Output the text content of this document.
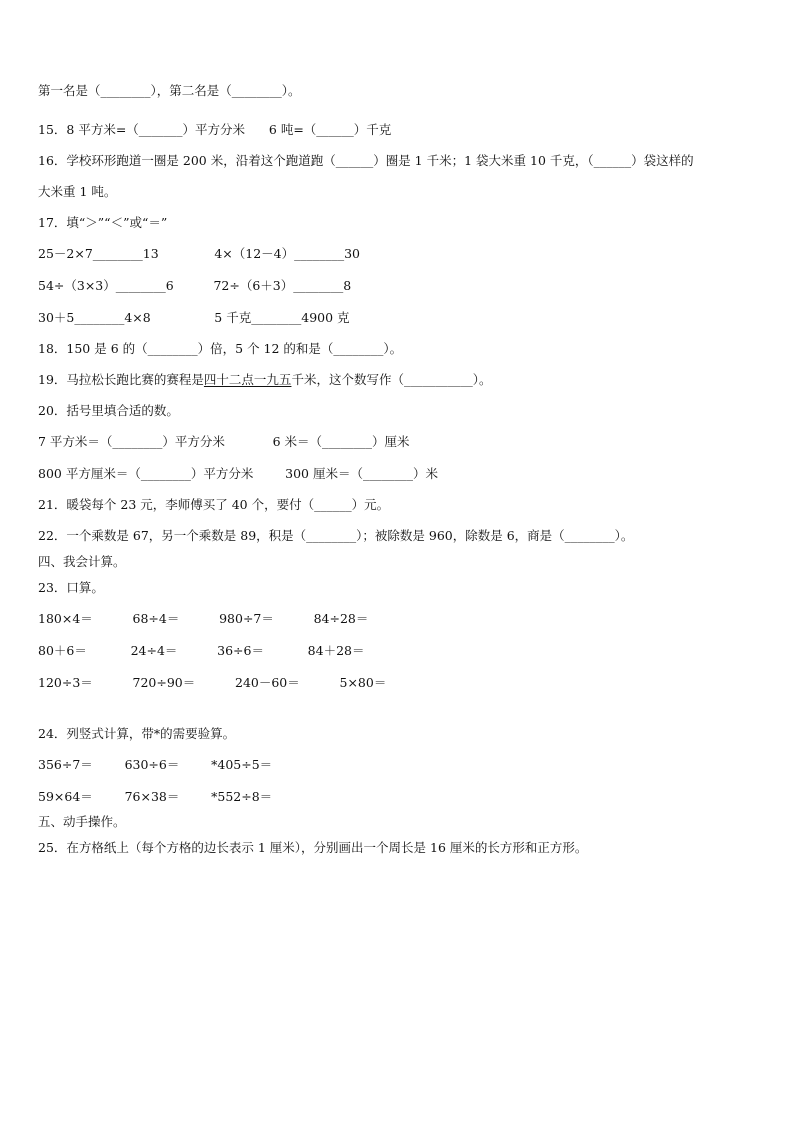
第一名是（________），第二名是（________）。
15．8 平方米=（_______）平方分米      6 吨=（______）千克
16．学校环形跑道一圈是 200 米，沿着这个跑道跑（______）圈是 1 千米；1 袋大米重 10 千克，（______）袋这样的
大米重 1 吨。
17．填“＞”“＜”或“＝”
25－2×7________13              4×（12－4）________30
54÷（3×3）________6          72÷（6＋3）________8
30＋5________4×8                5 千克________4900 克
18．150 是 6 的（________）倍，5 个 12 的和是（________）。
19．马拉松长跑比赛的赛程是四十二点一九五千米，这个数写作（___________）。
20．括号里填合适的数。
7 平方米＝（________）平方分米            6 米＝（________）厘米
800 平方厘米＝（________）平方分米        300 厘米＝（________）米
21．暖袋每个 23 元，李师傅买了 40 个，要付（______）元。
22．一个乘数是 67，另一个乘数是 89，积是（________）；被除数是 960，除数是 6，商是（________）。
四、我会计算。
23．口算。
180×4＝          68÷4＝          980÷7＝          84÷28＝
80＋6＝           24÷4＝          36÷6＝           84＋28＝
120÷3＝          720÷90＝          240－60＝          5×80＝
24．列竖式计算，带*的需要验算。
356÷7＝        630÷6＝        *405÷5＝
59×64＝        76×38＝        *552÷8＝
五、动手操作。
25．在方格纸上（每个方格的边长表示 1 厘米），分别画出一个周长是 16 厘米的长方形和正方形。
